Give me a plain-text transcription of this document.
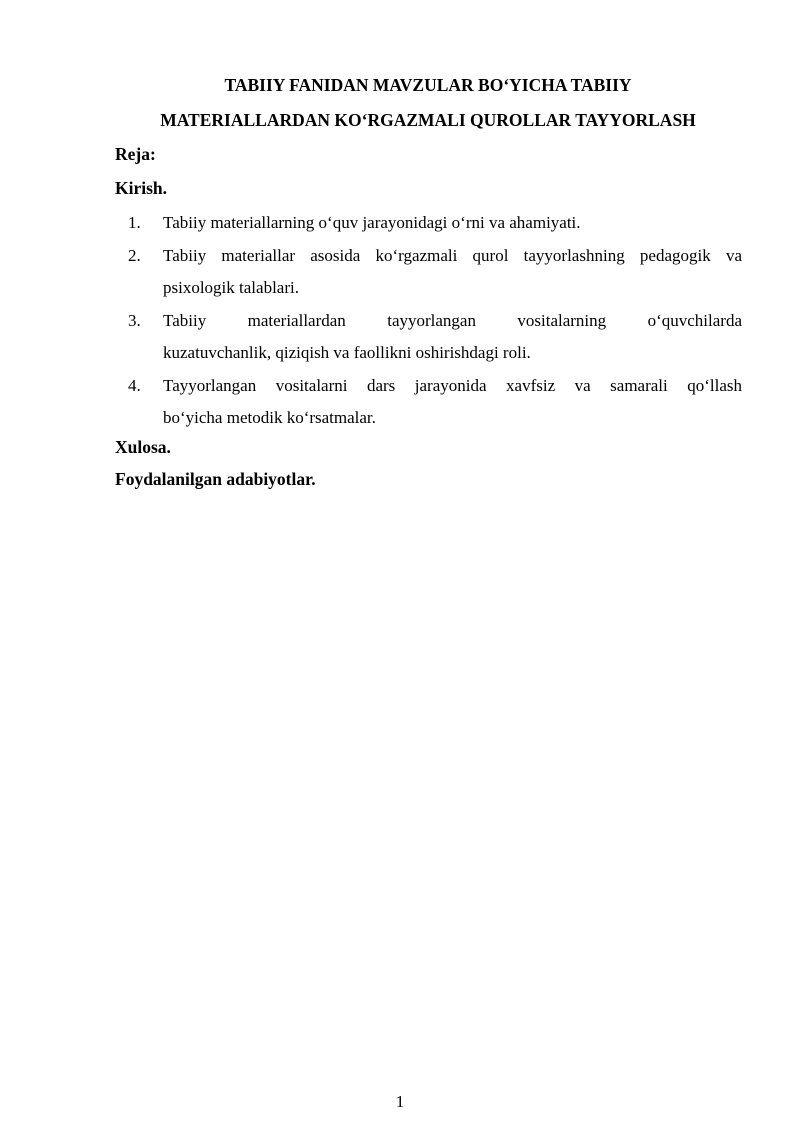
TABIIY FANIDAN MAVZULAR BO‘YICHA TABIIY
MATERIALLARDAN KO‘RGAZMALI QUROLLAR TAYYORLASH
Reja:
Kirish.
1. Tabiiy materiallarning o‘quv jarayonidagi o‘rni va ahamiyati.
2. Tabiiy materiallar asosida ko‘rgazmali qurol tayyorlashning pedagogik va
psixologik talablari.
3. Tabiiy materiallardan tayyorlangan vositalarning o‘quvchilarda
kuzatuvchanlik, qiziqish va faollikni oshirishdagi roli.
4. Tayyorlangan vositalarni dars jarayonida xavfsiz va samarali qo‘llash
bo‘yicha metodik ko‘rsatmalar.
Xulosa.
Foydalanilgan adabiyotlar.
1
